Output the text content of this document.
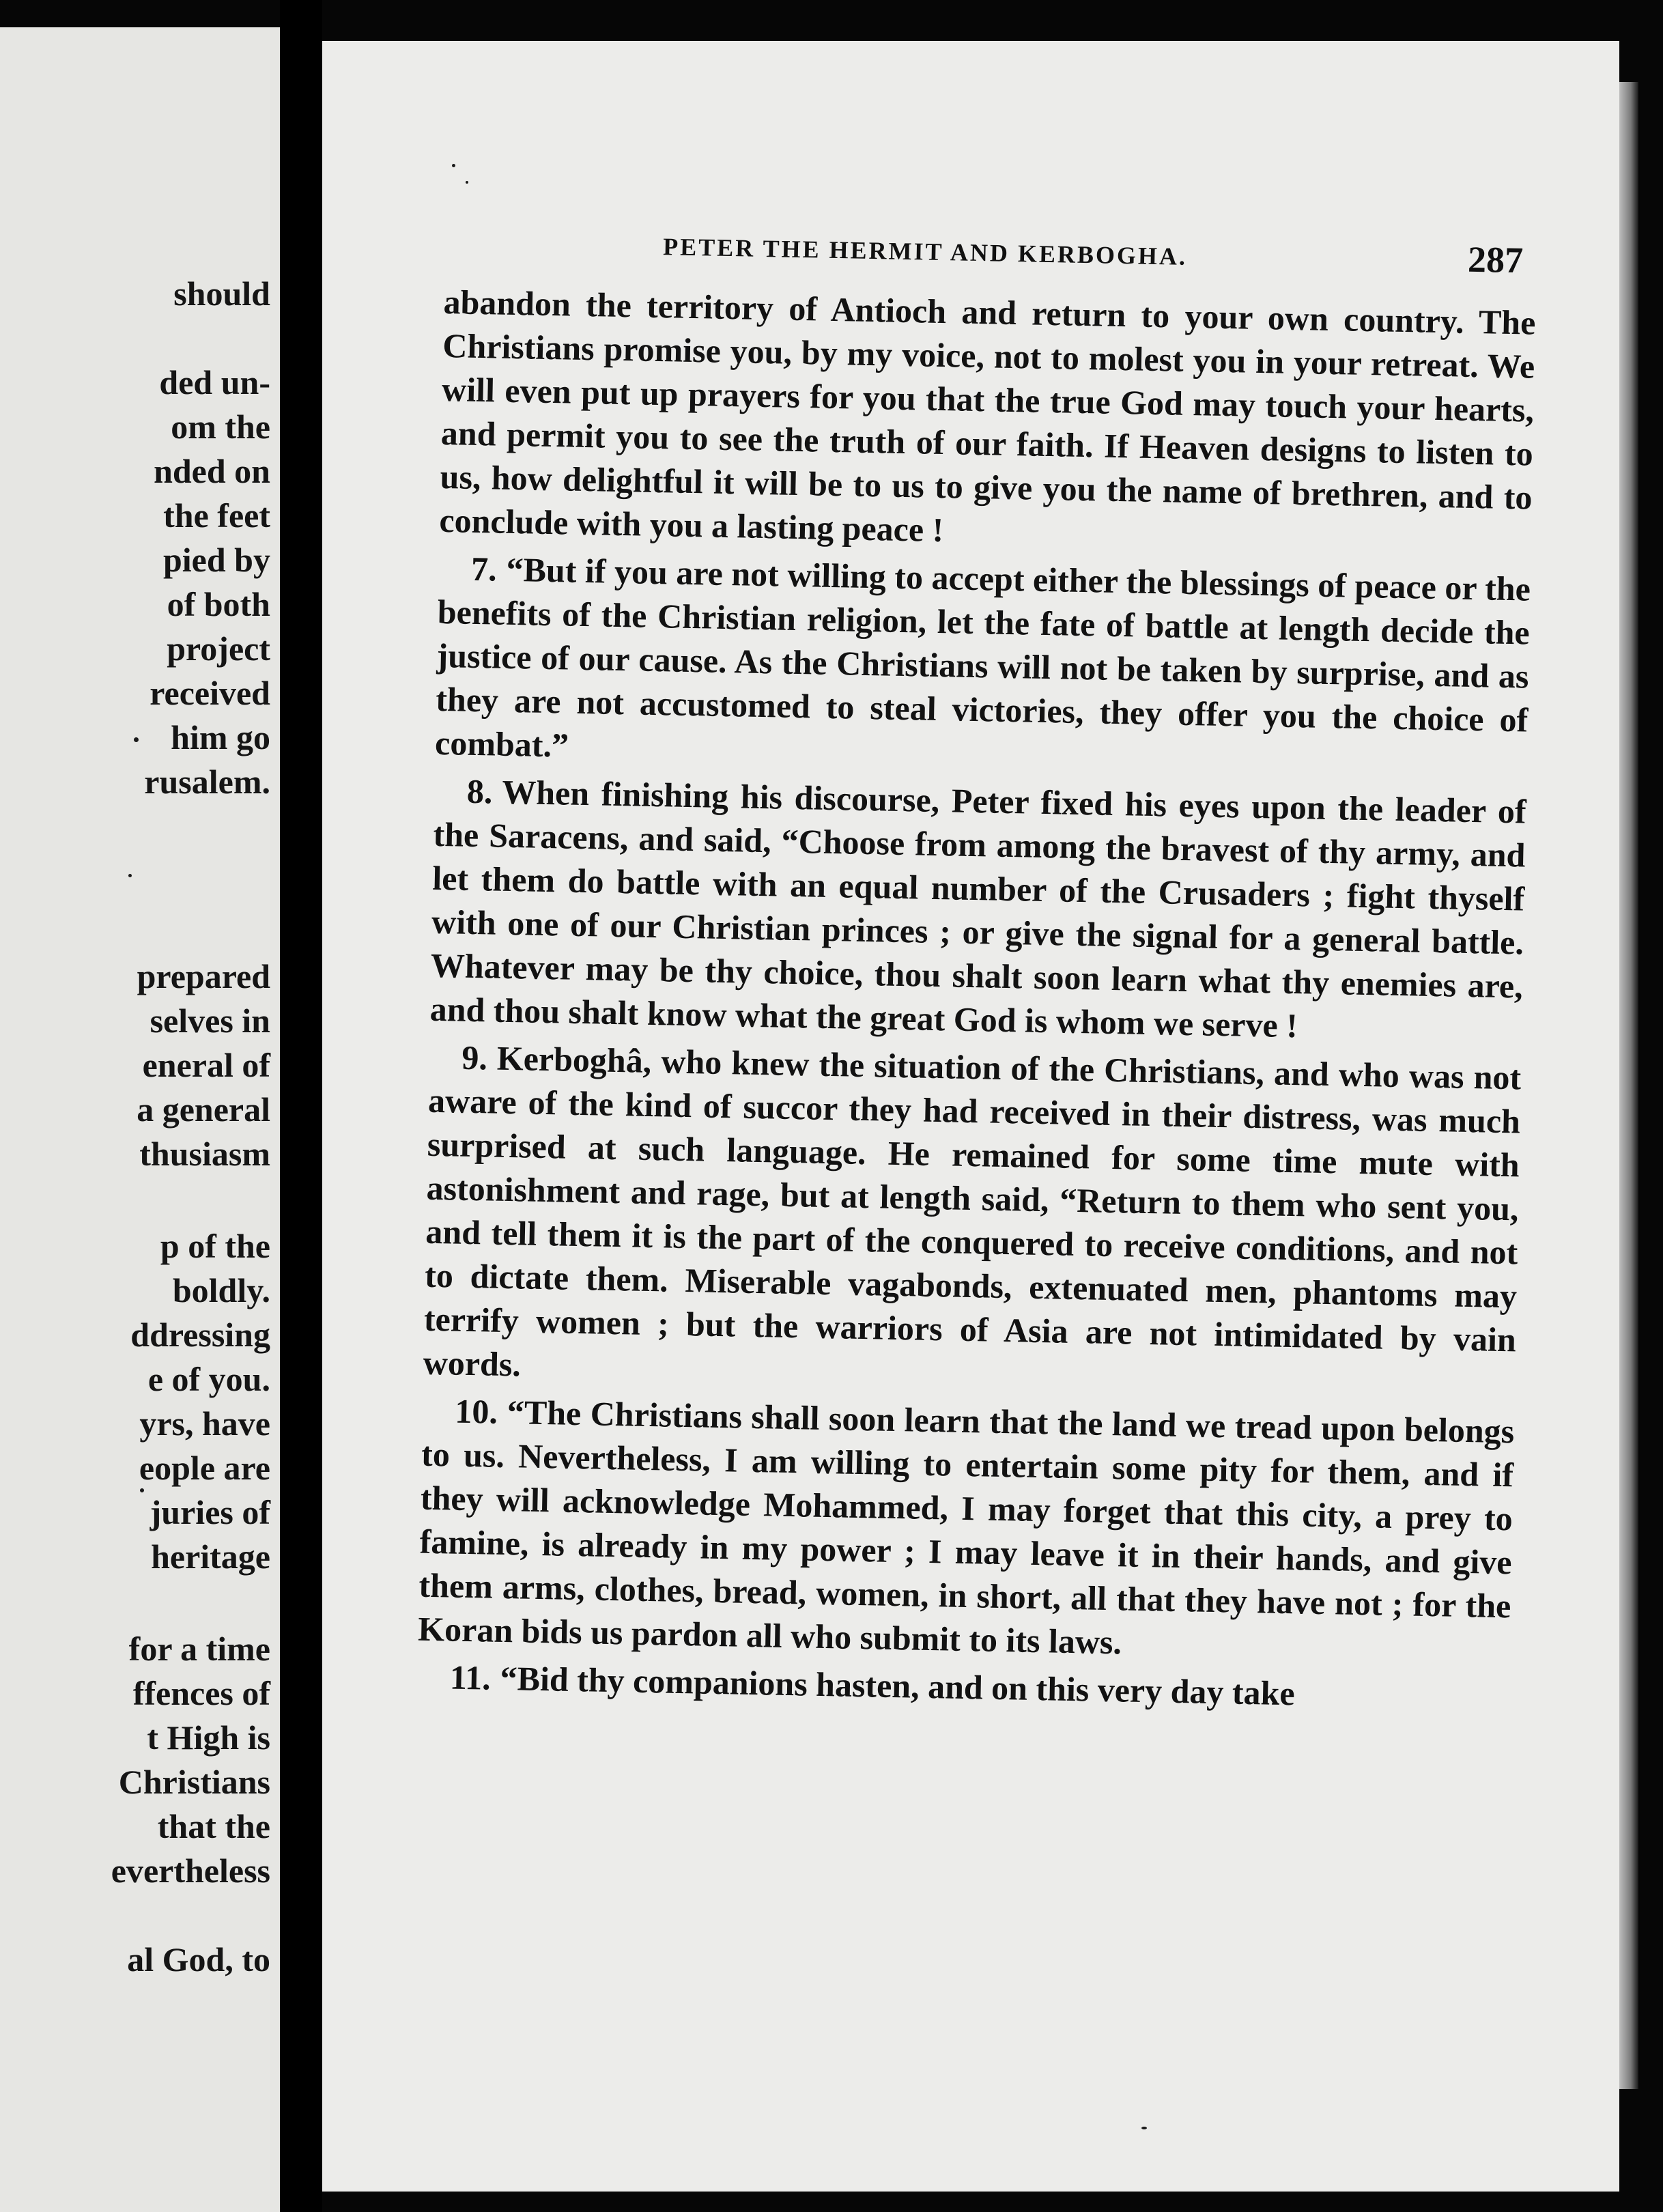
should
ded un-
om the
nded on
the feet
pied by
of both
project
received
him go
rusalem.
prepared
selves in
eneral of
a general
thusiasm
p of the
boldly.
ddressing
e of you.
yrs, have
eople are
juries of
heritage
for a time
ffences of
t High is
Christians
that the
evertheless
al God, to
PETER THE HERMIT AND KERBOGHA.	287

abandon the territory of Antioch and return to your own country. The Christians promise you, by my voice, not to molest you in your retreat. We will even put up prayers for you that the true God may touch your hearts, and permit you to see the truth of our faith. If Heaven designs to listen to us, how delightful it will be to us to give you the name of brethren, and to conclude with you a lasting peace !

7. “But if you are not willing to accept either the blessings of peace or the benefits of the Christian religion, let the fate of battle at length decide the justice of our cause. As the Christians will not be taken by surprise, and as they are not accustomed to steal victories, they offer you the choice of combat.”

8. When finishing his discourse, Peter fixed his eyes upon the leader of the Saracens, and said, “Choose from among the bravest of thy army, and let them do battle with an equal number of the Crusaders ; fight thyself with one of our Christian princes ; or give the signal for a general battle. Whatever may be thy choice, thou shalt soon learn what thy enemies are, and thou shalt know what the great God is whom we serve !

9. Kerboghâ, who knew the situation of the Christians, and who was not aware of the kind of succor they had received in their distress, was much surprised at such language. He remained for some time mute with astonishment and rage, but at length said, “Return to them who sent you, and tell them it is the part of the conquered to receive conditions, and not to dictate them. Miserable vagabonds, extenuated men, phantoms may terrify women ; but the warriors of Asia are not intimidated by vain words.

10. “The Christians shall soon learn that the land we tread upon belongs to us. Nevertheless, I am willing to entertain some pity for them, and if they will acknowledge Mohammed, I may forget that this city, a prey to famine, is already in my power ; I may leave it in their hands, and give them arms, clothes, bread, women, in short, all that they have not ; for the Koran bids us pardon all who submit to its laws.

11. “Bid thy companions hasten, and on this very day take
